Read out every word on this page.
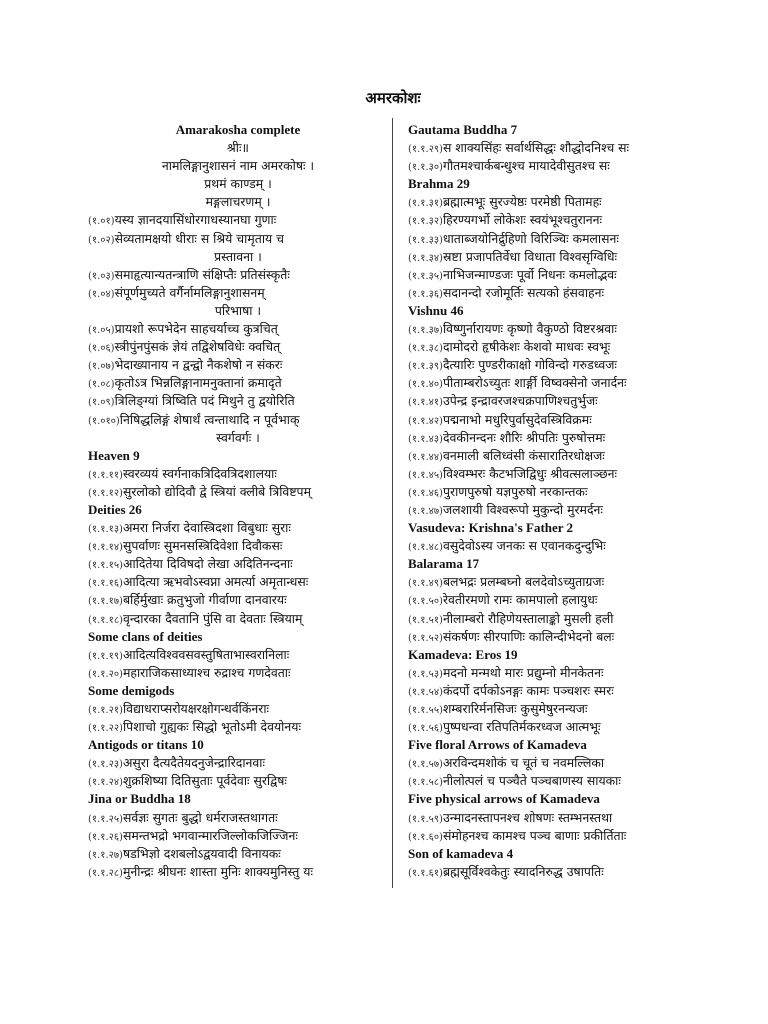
अमरकोशः
Amarakosha complete
श्रीः॥
नामलिङ्गानुशासनं नाम अमरकोषः ।
प्रथमं काण्डम् ।
मङ्गलाचरणम् ।
(१.०१)यस्य ज्ञानदयासिंधोरगाधस्यानघा गुणाः
(१.०२)सेव्यतामक्षयो धीराः स श्रिये चामृताय च
प्रस्तावना ।
(१.०३)समाहृत्यान्यतन्त्राणि संक्षिप्तैः प्रतिसंस्कृतैः
(१.०४)संपूर्णमुच्यते वर्गैर्नामलिङ्गानुशासनम्
परिभाषा ।
(१.०५)प्रायशो रूपभेदेन साहचर्याच्च कुत्रचित्
(१.०६)स्त्रीपुंनपुंसकं ज्ञेयं तद्विशेषविधेः क्वचित्
(१.०७)भेदाख्यानाय न द्वन्द्वो नैकशेषो न संकरः
(१.०८)कृतोऽत्र भिन्नलिङ्गानामनुक्तानां क्रमादृते
(१.०९)त्रिलिङ्ग्यां त्रिष्विति पदं मिथुने तु द्वयोरिति
(१.०१०)निषिद्धलिङ्गं शेषार्थं त्वन्ताथादि न पूर्वभाक्
स्वर्गवर्गः ।
Heaven 9
(१.१.११)स्वरव्ययं स्वर्गनाकत्रिदिवत्रिदशालयाः
(१.१.१२)सुरलोको द्योदिवौ द्वे स्त्रियां क्लीबे त्रिविष्टपम्
Deities 26
(१.१.१३)अमरा निर्जरा देवास्त्रिदशा विबुधाः सुराः
(१.१.१४)सुपर्वाणः सुमनसस्त्रिदिवेशा दिवौकसः
(१.१.१५)आदितेया दिविषदो लेखा अदितिनन्दनाः
(१.१.१६)आदित्या ऋभवोऽस्वप्ना अमर्त्या अमृतान्धसः
(१.१.१७)बर्हिर्मुखाः क्रतुभुजो गीर्वाणा दानवारयः
(१.१.१८)वृन्दारका दैवतानि पुंसि वा देवताः स्त्रियाम्
Some clans of deities
(१.१.१९)आदित्यविश्ववसवस्तुषिताभास्वरानिलाः
(१.१.२०)महाराजिकसाध्याश्च रुद्राश्च गणदेवताः
Some demigods
(१.१.२१)विद्याधराप्सरोयक्षरक्षोगन्धर्वकिंनराः
(१.१.२२)पिशाचो गुह्यकः सिद्धो भूतोऽमी देवयोनयः
Antigods or titans 10
(१.१.२३)असुरा दैत्यदैतेयदनुजेन्द्रारिदानवाः
(१.१.२४)शुक्रशिष्या दितिसुताः पूर्वदेवाः सुरद्विषः
Jina or Buddha 18
(१.१.२५)सर्वज्ञः सुगतः बुद्धो धर्मराजस्तथागतः
(१.१.२६)समन्तभद्रो भगवान्मारजिल्लोकजिज्जिनः
(१.१.२७)षडभिज्ञो दशबलोऽद्वयवादी विनायकः
(१.१.२८)मुनीन्द्रः श्रीघनः शास्ता मुनिः शाक्यमुनिस्तु यः
Gautama Buddha 7
(१.१.२९)स शाक्यसिंहः सर्वार्थसिद्धः शौद्धोदनिश्च सः
(१.१.३०)गौतमश्चार्कबन्धुश्च मायादेवीसुतश्च सः
Brahma 29
(१.१.३१)ब्रह्मात्मभूः सुरज्येष्ठः परमेष्ठी पितामहः
(१.१.३२)हिरण्यगर्भो लोकेशः स्वयंभूश्चतुराननः
(१.१.३३)धाताब्जयोनिर्द्रुहिणो विरिञ्चिः कमलासनः
(१.१.३४)स्रष्टा प्रजापतिर्वेधा विधाता विश्वसृग्विधिः
(१.१.३५)नाभिजन्माण्डजः पूर्वो निधनः कमलोद्भवः
(१.१.३६)सदानन्दो रजोमूर्तिः सत्यको हंसवाहनः
Vishnu 46
(१.१.३७)विष्णुर्नारायणः कृष्णो वैकुण्ठो विष्टरश्रवाः
(१.१.३८)दामोदरो हृषीकेशः केशवो माधवः स्वभूः
(१.१.३९)दैत्यारिः पुण्डरीकाक्षो गोविन्दो गरुडध्वजः
(१.१.४०)पीताम्बरोऽच्युतः शार्ङ्गी विष्वक्सेनो जनार्दनः
(१.१.४१)उपेन्द्र इन्द्रावरजश्चक्रपाणिश्चतुर्भुजः
(१.१.४२)पद्मनाभो मधुरिपुर्वासुदेवस्त्रिविक्रमः
(१.१.४३)देवकीनन्दनः शौरिः श्रीपतिः पुरुषोत्तमः
(१.१.४४)वनमाली बलिध्वंसी कंसारातिरधोक्षजः
(१.१.४५)विश्वम्भरः कैटभजिद्विधुः श्रीवत्सलाञ्छनः
(१.१.४६)पुराणपुरुषो यज्ञपुरुषो नरकान्तकः
(१.१.४७)जलशायी विश्वरूपो मुकुन्दो मुरमर्दनः
Vasudeva: Krishna's Father 2
(१.१.४८)वसुदेवोऽस्य जनकः स एवानकदुन्दुभिः
Balarama 17
(१.१.४९)बलभद्रः प्रलम्बघ्नो बलदेवोऽच्युताग्रजः
(१.१.५०)रेवतीरमणो रामः कामपालो हलायुधः
(१.१.५१)नीलाम्बरो रौहिणेयस्तालाङ्को मुसली हली
(१.१.५२)संकर्षणः सीरपाणिः कालिन्दीभेदनो बलः
Kamadeva: Eros 19
(१.१.५३)मदनो मन्मथो मारः प्रद्युम्नो मीनकेतनः
(१.१.५४)कंदर्पो दर्पकोऽनङ्गः कामः पञ्चशरः स्मरः
(१.१.५५)शम्बरारिर्मनसिजः कुसुमेषुरनन्यजः
(१.१.५६)पुष्पधन्वा रतिपतिर्मकरध्वज आत्मभूः
Five floral Arrows of Kamadeva
(१.१.५७)अरविन्दमशोकं च चूतं च नवमल्लिका
(१.१.५८)नीलोत्पलं च पञ्चैते पञ्चबाणस्य सायकाः
Five physical arrows of Kamadeva
(१.१.५९)उन्मादनस्तापनश्च शोषणः स्तम्भनस्तथा
(१.१.६०)संमोहनश्च कामश्च पञ्च बाणाः प्रकीर्तिताः
Son of kamadeva 4
(१.१.६१)ब्रह्मसूर्विश्वकेतुः स्यादनिरुद्ध उषापतिः
